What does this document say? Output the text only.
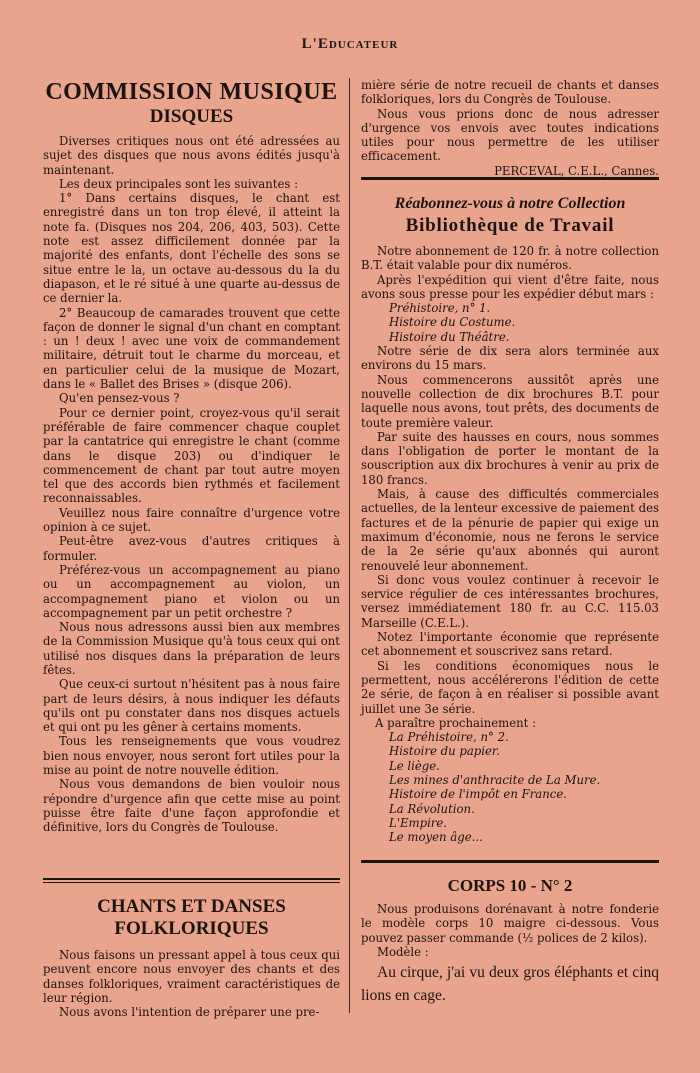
L'Educateur
COMMISSION MUSIQUE
DISQUES

Diverses critiques nous ont été adressées au sujet des disques que nous avons édités jusqu'à maintenant.

Les deux principales sont les suivantes :

1° Dans certains disques, le chant est enregistré dans un ton trop élevé, il atteint la note fa. (Disques nos 204, 206, 403, 503). Cette note est assez difficilement donnée par la majorité des enfants, dont l'échelle des sons se situe entre le la, un octave au-dessous du la du diapason, et le ré situé à une quarte au-dessus de ce dernier la.

2° Beaucoup de camarades trouvent que cette façon de donner le signal d'un chant en comptant : un ! deux ! avec une voix de commandement militaire, détruit tout le charme du morceau, et en particulier celui de la musique de Mozart, dans le « Ballet des Brises » (disque 206).

Qu'en pensez-vous ?

Pour ce dernier point, croyez-vous qu'il serait préférable de faire commencer chaque couplet par la cantatrice qui enregistre le chant (comme dans le disque 203) ou d'indiquer le commencement de chant par tout autre moyen tel que des accords bien rythmés et facilement reconnaissables.

Veuillez nous faire connaître d'urgence votre opinion à ce sujet.

Peut-être avez-vous d'autres critiques à formuler.

Préférez-vous un accompagnement au piano ou un accompagnement au violon, un accompagnement piano et violon ou un accompagnement par un petit orchestre ?

Nous nous adressons aussi bien aux membres de la Commission Musique qu'à tous ceux qui ont utilisé nos disques dans la préparation de leurs fêtes.

Que ceux-ci surtout n'hésitent pas à nous faire part de leurs désirs, à nous indiquer les défauts qu'ils ont pu constater dans nos disques actuels et qui ont pu les gêner à certains moments.

Tous les renseignements que vous voudrez bien nous envoyer, nous seront fort utiles pour la mise au point de notre nouvelle édition.

Nous vous demandons de bien vouloir nous répondre d'urgence afin que cette mise au point puisse être faite d'une façon approfondie et définitive, lors du Congrès de Toulouse.

CHANTS ET DANSES
FOLKLORIQUES

Nous faisons un pressant appel à tous ceux qui peuvent encore nous envoyer des chants et des danses folkloriques, vraiment caractéristiques de leur région.

Nous avons l'intention de préparer une pre-

mière série de notre recueil de chants et danses folkloriques, lors du Congrès de Toulouse.

Nous vous prions donc de nous adresser d'urgence vos envois avec toutes indications utiles pour nous permettre de les utiliser efficacement.

PERCEVAL, C.E.L., Cannes.

Réabonnez-vous à notre Collection
Bibliothèque de Travail

Notre abonnement de 120 fr. à notre collection B.T. était valable pour dix numéros.

Après l'expédition qui vient d'être faite, nous avons sous presse pour les expédier début mars :

Préhistoire, n° 1.

Histoire du Costume.

Histoire du Théâtre.

Notre série de dix sera alors terminée aux environs du 15 mars.

Nous commencerons aussitôt après une nouvelle collection de dix brochures B.T. pour laquelle nous avons, tout prêts, des documents de toute première valeur.

Par suite des hausses en cours, nous sommes dans l'obligation de porter le montant de la souscription aux dix brochures à venir au prix de 180 francs.

Mais, à cause des difficultés commerciales actuelles, de la lenteur excessive de paiement des factures et de la pénurie de papier qui exige un maximum d'économie, nous ne ferons le service de la 2e série qu'aux abonnés qui auront renouvelé leur abonnement.

Si donc vous voulez continuer à recevoir le service régulier de ces intéressantes brochures, versez immédiatement 180 fr. au C.C. 115.03 Marseille (C.E.L.).

Notez l'importante économie que représente cet abonnement et souscrivez sans retard.

Si les conditions économiques nous le permettent, nous accélérerons l'édition de cette 2e série, de façon à en réaliser si possible avant juillet une 3e série.

A paraître prochainement :

La Préhistoire, n° 2.

Histoire du papier.

Le liège.

Les mines d'anthracite de La Mure.

Histoire de l'impôt en France.

La Révolution.

L'Empire.

Le moyen âge...

CORPS 10 - N° 2

Nous produisons dorénavant à notre fonderie le modèle corps 10 maigre ci-dessous. Vous pouvez passer commande (½ polices de 2 kilos).

Modèle :

Au cirque, j'ai vu deux gros éléphants et cinq lions en cage.
